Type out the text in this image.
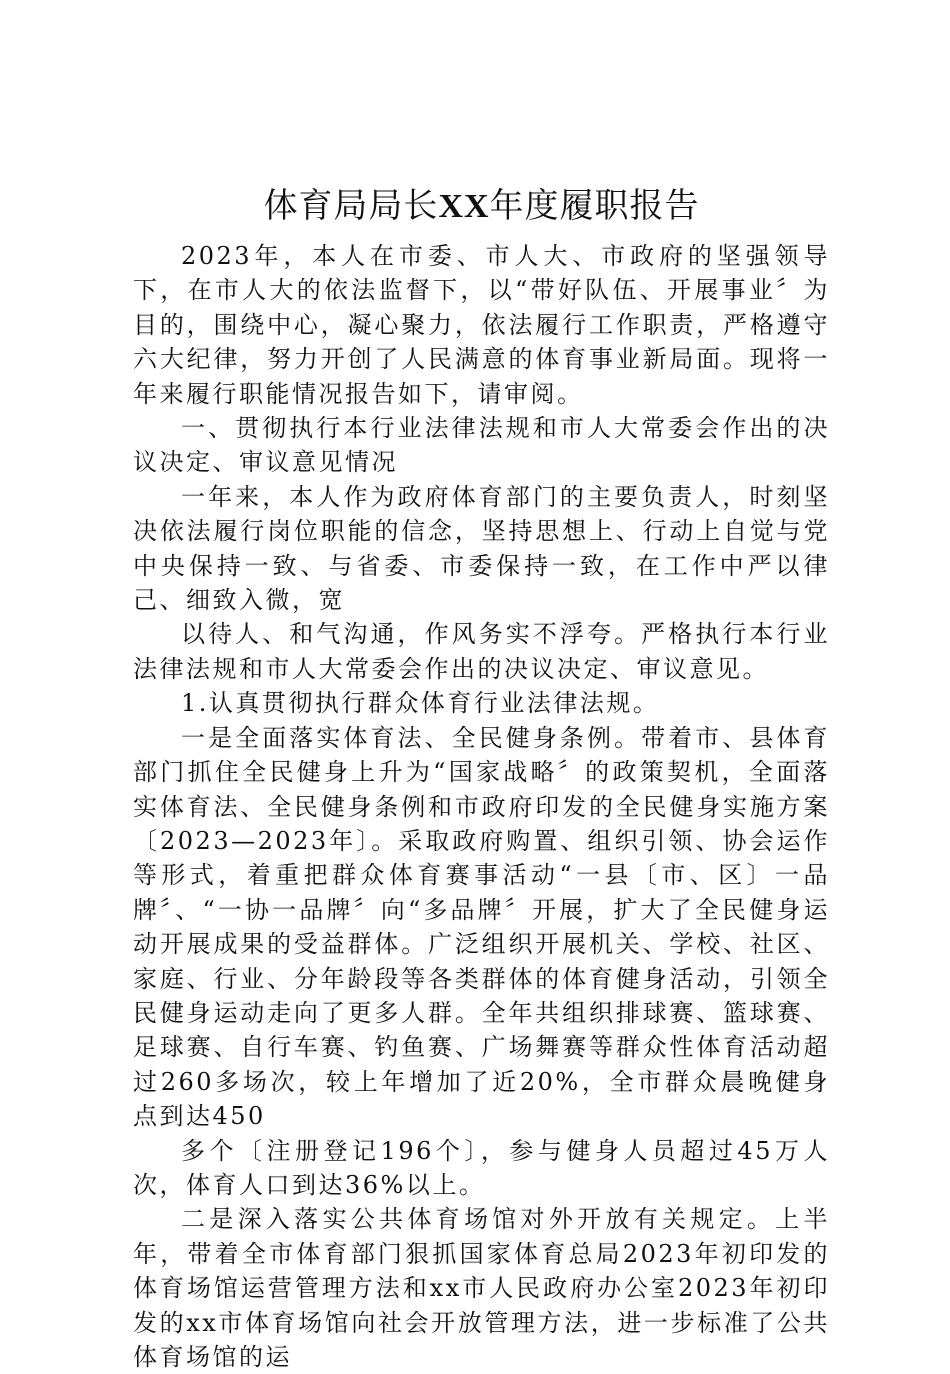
体育局局长XX年度履职报告

2023年，本人在市委、市人大、市政府的坚强领导下，在市人大的依法监督下，以“带好队伍、开展事业〞为目的，围绕中心，凝心聚力，依法履行工作职责，严格遵守六大纪律，努力开创了人民满意的体育事业新局面。现将一年来履行职能情况报告如下，请审阅。

一、贯彻执行本行业法律法规和市人大常委会作出的决议决定、审议意见情况

一年来，本人作为政府体育部门的主要负责人，时刻坚决依法履行岗位职能的信念，坚持思想上、行动上自觉与党中央保持一致、与省委、市委保持一致，在工作中严以律己、细致入微，宽

以待人、和气沟通，作风务实不浮夸。严格执行本行业法律法规和市人大常委会作出的决议决定、审议意见。

1.认真贯彻执行群众体育行业法律法规。

一是全面落实体育法、全民健身条例。带着市、县体育部门抓住全民健身上升为“国家战略〞的政策契机，全面落实体育法、全民健身条例和市政府印发的全民健身实施方案〔2023—2023年〕。采取政府购置、组织引领、协会运作等形式，着重把群众体育赛事活动“一县〔市、区〕一品牌〞、“一协一品牌〞向“多品牌〞开展，扩大了全民健身运动开展成果的受益群体。广泛组织开展机关、学校、社区、家庭、行业、分年龄段等各类群体的体育健身活动，引领全民健身运动走向了更多人群。全年共组织排球赛、篮球赛、足球赛、自行车赛、钓鱼赛、广场舞赛等群众性体育活动超过260多场次，较上年增加了近20%，全市群众晨晚健身点到达450

多个〔注册登记196个〕，参与健身人员超过45万人次，体育人口到达36%以上。

二是深入落实公共体育场馆对外开放有关规定。上半年，带着全市体育部门狠抓国家体育总局2023年初印发的体育场馆运营管理方法和xx市人民政府办公室2023年初印发的xx市体育场馆向社会开放管理方法，进一步标准了公共体育场馆的运
